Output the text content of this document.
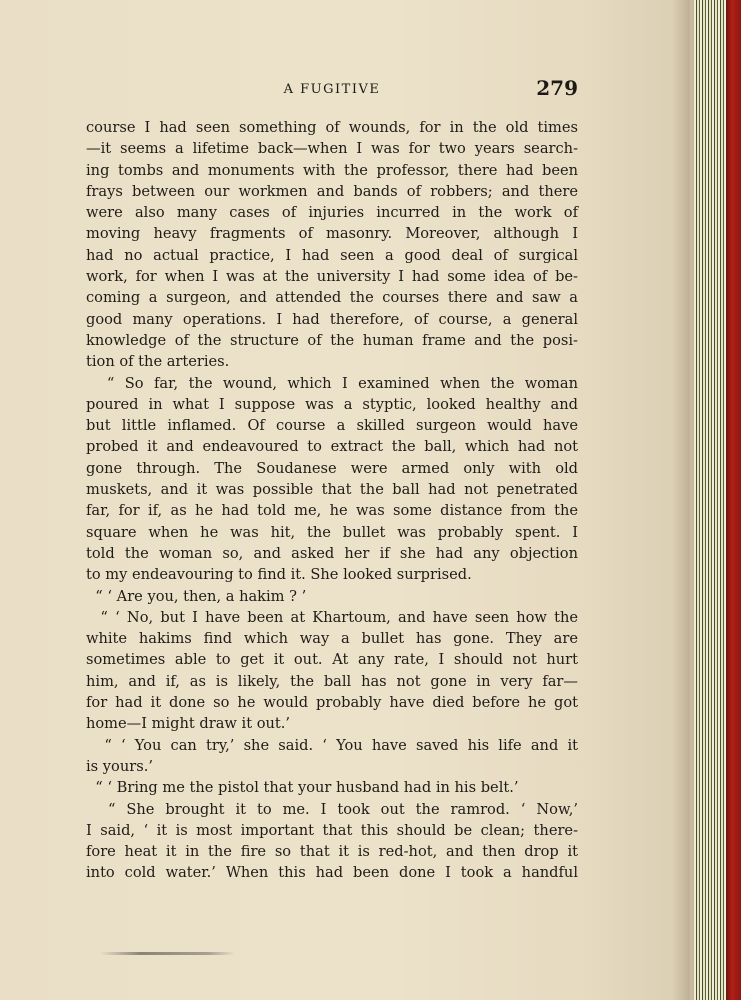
A FUGITIVE	279
course I had seen something of wounds, for in the old times
—it seems a lifetime back—when I was for two years search-
ing tombs and monuments with the professor, there had been
frays between our workmen and bands of robbers; and there
were also many cases of injuries incurred in the work of
moving heavy fragments of masonry. Moreover, although I
had no actual practice, I had seen a good deal of surgical
work, for when I was at the university I had some idea of be-
coming a surgeon, and attended the courses there and saw a
good many operations. I had therefore, of course, a general
knowledge of the structure of the human frame and the posi-
tion of the arteries.
“ So far, the wound, which I examined when the woman
poured in what I suppose was a styptic, looked healthy and
but little inflamed. Of course a skilled surgeon would have
probed it and endeavoured to extract the ball, which had not
gone through. The Soudanese were armed only with old
muskets, and it was possible that the ball had not penetrated
far, for if, as he had told me, he was some distance from the
square when he was hit, the bullet was probably spent. I
told the woman so, and asked her if she had any objection
to my endeavouring to find it. She looked surprised.
“ ‘ Are you, then, a hakim ? ’
“ ‘ No, but I have been at Khartoum, and have seen how the
white hakims find which way a bullet has gone. They are
sometimes able to get it out. At any rate, I should not hurt
him, and if, as is likely, the ball has not gone in very far—
for had it done so he would probably have died before he got
home—I might draw it out.’
“ ‘ You can try,’ she said. ‘ You have saved his life and it
is yours.’
“ ‘ Bring me the pistol that your husband had in his belt.’
“ She brought it to me. I took out the ramrod. ‘ Now,’
I said, ‘ it is most important that this should be clean; there-
fore heat it in the fire so that it is red-hot, and then drop it
into cold water.’ When this had been done I took a handful
